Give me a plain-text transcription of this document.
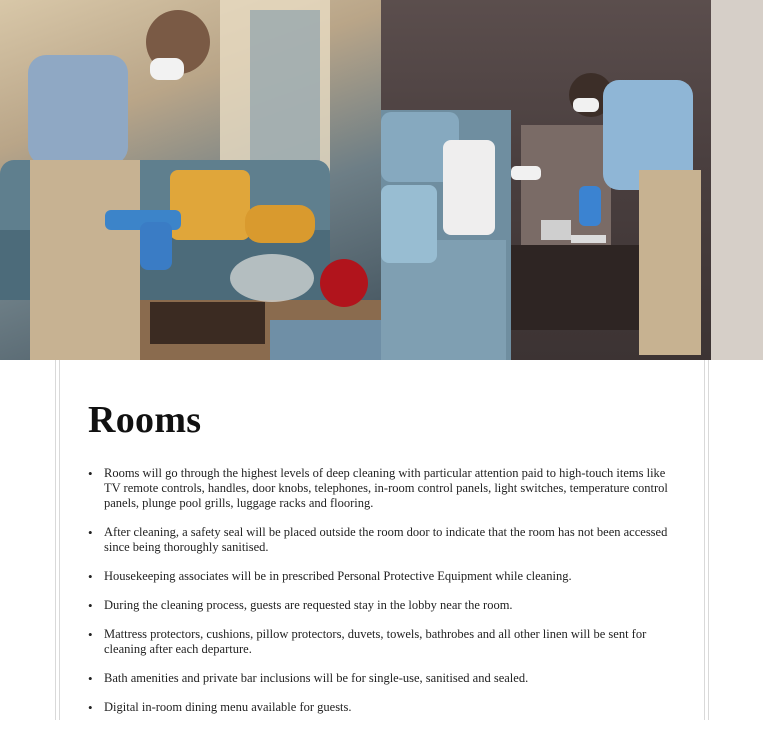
Rooms
• Rooms will go through the highest levels of deep cleaning with particular attention paid to high-touch items like TV remote controls, handles, door knobs, telephones, in-room control panels, light switches, temperature control panels, plunge pool grills, luggage racks and flooring.
• After cleaning, a safety seal will be placed outside the room door to indicate that the room has not been accessed since being thoroughly sanitised.
• Housekeeping associates will be in prescribed Personal Protective Equipment while cleaning.
• During the cleaning process, guests are requested stay in the lobby near the room.
• Mattress protectors, cushions, pillow protectors, duvets, towels, bathrobes and all other linen will be sent for cleaning after each departure.
• Bath amenities and private bar inclusions will be for single-use, sanitised and sealed.
• Digital in-room dining menu available for guests.
